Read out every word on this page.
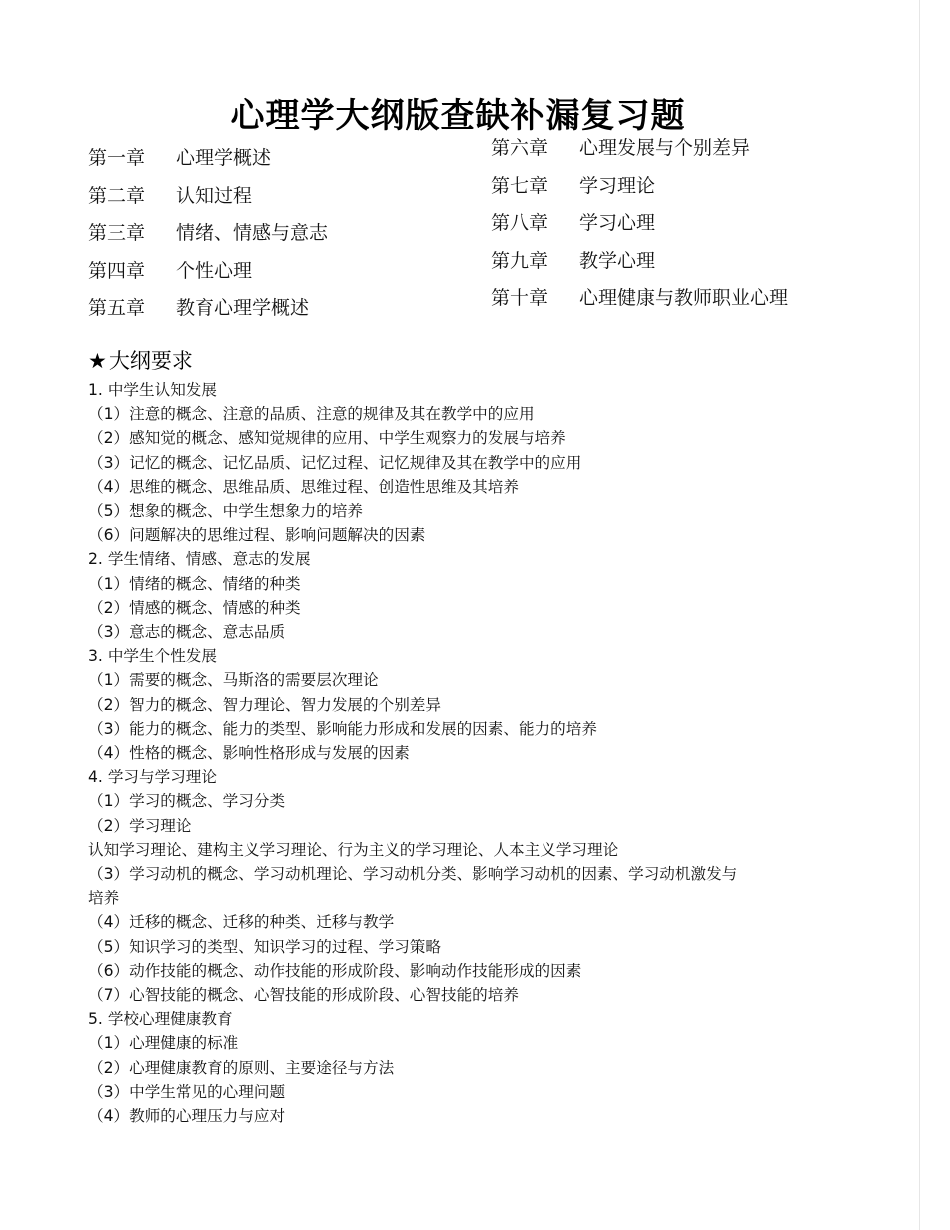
心理学大纲版查缺补漏复习题
第一章 心理学概述
第二章 认知过程
第三章 情绪、情感与意志
第四章 个性心理
第五章 教育心理学概述
第六章 心理发展与个别差异
第七章 学习理论
第八章 学习心理
第九章 教学心理
第十章 心理健康与教师职业心理
★大纲要求
1. 中学生认知发展
（1）注意的概念、注意的品质、注意的规律及其在教学中的应用
（2）感知觉的概念、感知觉规律的应用、中学生观察力的发展与培养
（3）记忆的概念、记忆品质、记忆过程、记忆规律及其在教学中的应用
（4）思维的概念、思维品质、思维过程、创造性思维及其培养
（5）想象的概念、中学生想象力的培养
（6）问题解决的思维过程、影响问题解决的因素
2. 学生情绪、情感、意志的发展
（1）情绪的概念、情绪的种类
（2）情感的概念、情感的种类
（3）意志的概念、意志品质
3. 中学生个性发展
（1）需要的概念、马斯洛的需要层次理论
（2）智力的概念、智力理论、智力发展的个别差异
（3）能力的概念、能力的类型、影响能力形成和发展的因素、能力的培养
（4）性格的概念、影响性格形成与发展的因素
4. 学习与学习理论
（1）学习的概念、学习分类
（2）学习理论
认知学习理论、建构主义学习理论、行为主义的学习理论、人本主义学习理论
（3）学习动机的概念、学习动机理论、学习动机分类、影响学习动机的因素、学习动机激发与
培养
（4）迁移的概念、迁移的种类、迁移与教学
（5）知识学习的类型、知识学习的过程、学习策略
（6）动作技能的概念、动作技能的形成阶段、影响动作技能形成的因素
（7）心智技能的概念、心智技能的形成阶段、心智技能的培养
5. 学校心理健康教育
（1）心理健康的标准
（2）心理健康教育的原则、主要途径与方法
（3）中学生常见的心理问题
（4）教师的心理压力与应对
